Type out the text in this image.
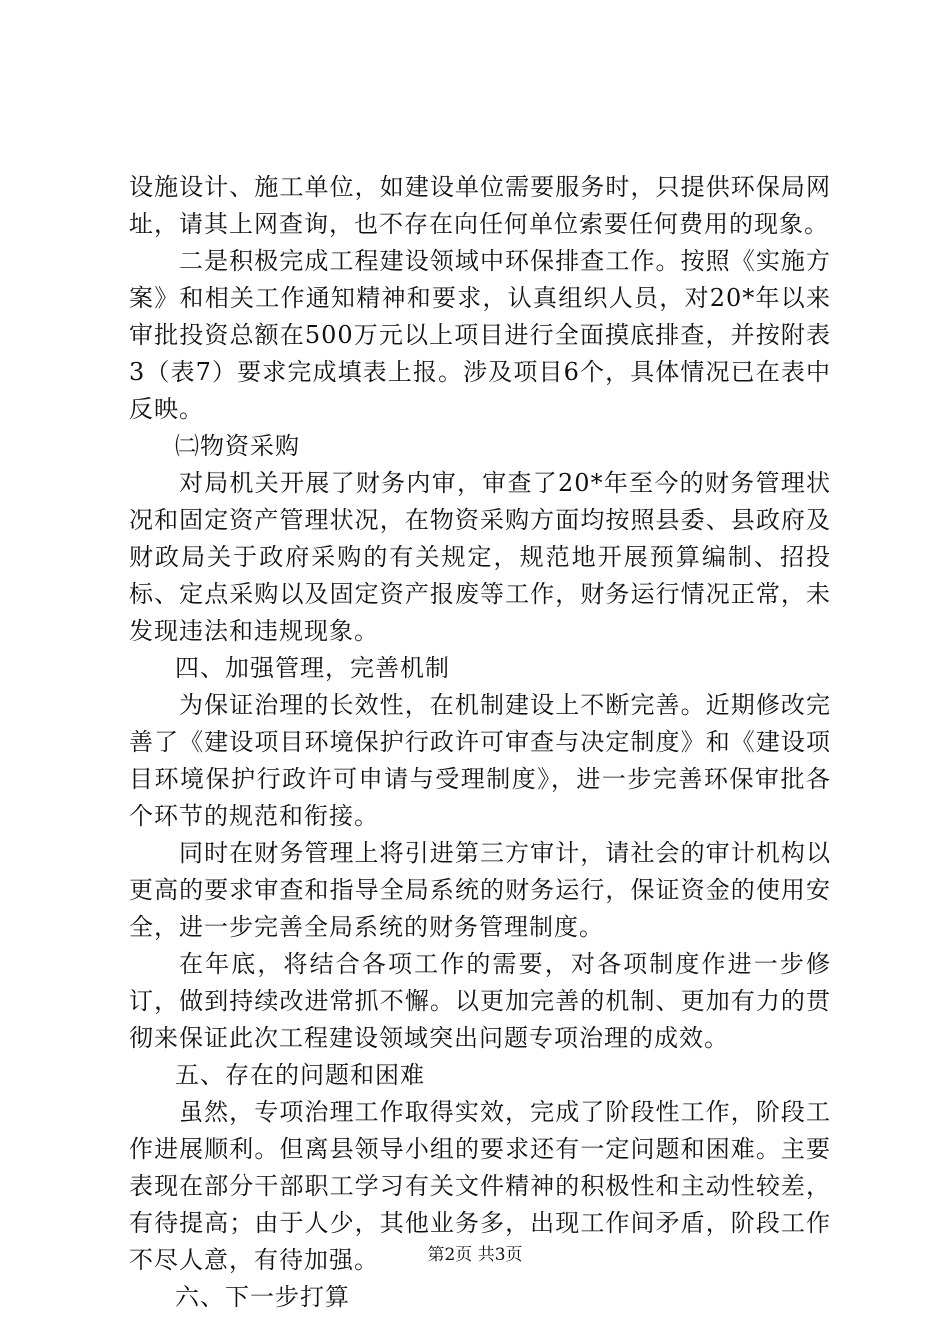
设施设计、施工单位，如建设单位需要服务时，只提供环保局网址，请其上网查询，也不存在向任何单位索要任何费用的现象。

二是积极完成工程建设领域中环保排查工作。按照《实施方案》和相关工作通知精神和要求，认真组织人员，对20*年以来审批投资总额在500万元以上项目进行全面摸底排查，并按附表3（表7）要求完成填表上报。涉及项目6个，具体情况已在表中反映。

㈡物资采购

对局机关开展了财务内审，审查了20*年至今的财务管理状况和固定资产管理状况，在物资采购方面均按照县委、县政府及财政局关于政府采购的有关规定，规范地开展预算编制、招投标、定点采购以及固定资产报废等工作，财务运行情况正常，未发现违法和违规现象。

四、加强管理，完善机制

为保证治理的长效性，在机制建设上不断完善。近期修改完善了《建设项目环境保护行政许可审查与决定制度》和《建设项目环境保护行政许可申请与受理制度》，进一步完善环保审批各个环节的规范和衔接。

同时在财务管理上将引进第三方审计，请社会的审计机构以更高的要求审查和指导全局系统的财务运行，保证资金的使用安全，进一步完善全局系统的财务管理制度。

在年底，将结合各项工作的需要，对各项制度作进一步修订，做到持续改进常抓不懈。以更加完善的机制、更加有力的贯彻来保证此次工程建设领域突出问题专项治理的成效。

五、存在的问题和困难

虽然，专项治理工作取得实效，完成了阶段性工作，阶段工作进展顺利。但离县领导小组的要求还有一定问题和困难。主要表现在部分干部职工学习有关文件精神的积极性和主动性较差，有待提高；由于人少，其他业务多，出现工作间矛盾，阶段工作不尽人意，有待加强。

六、下一步打算

第2页 共3页
